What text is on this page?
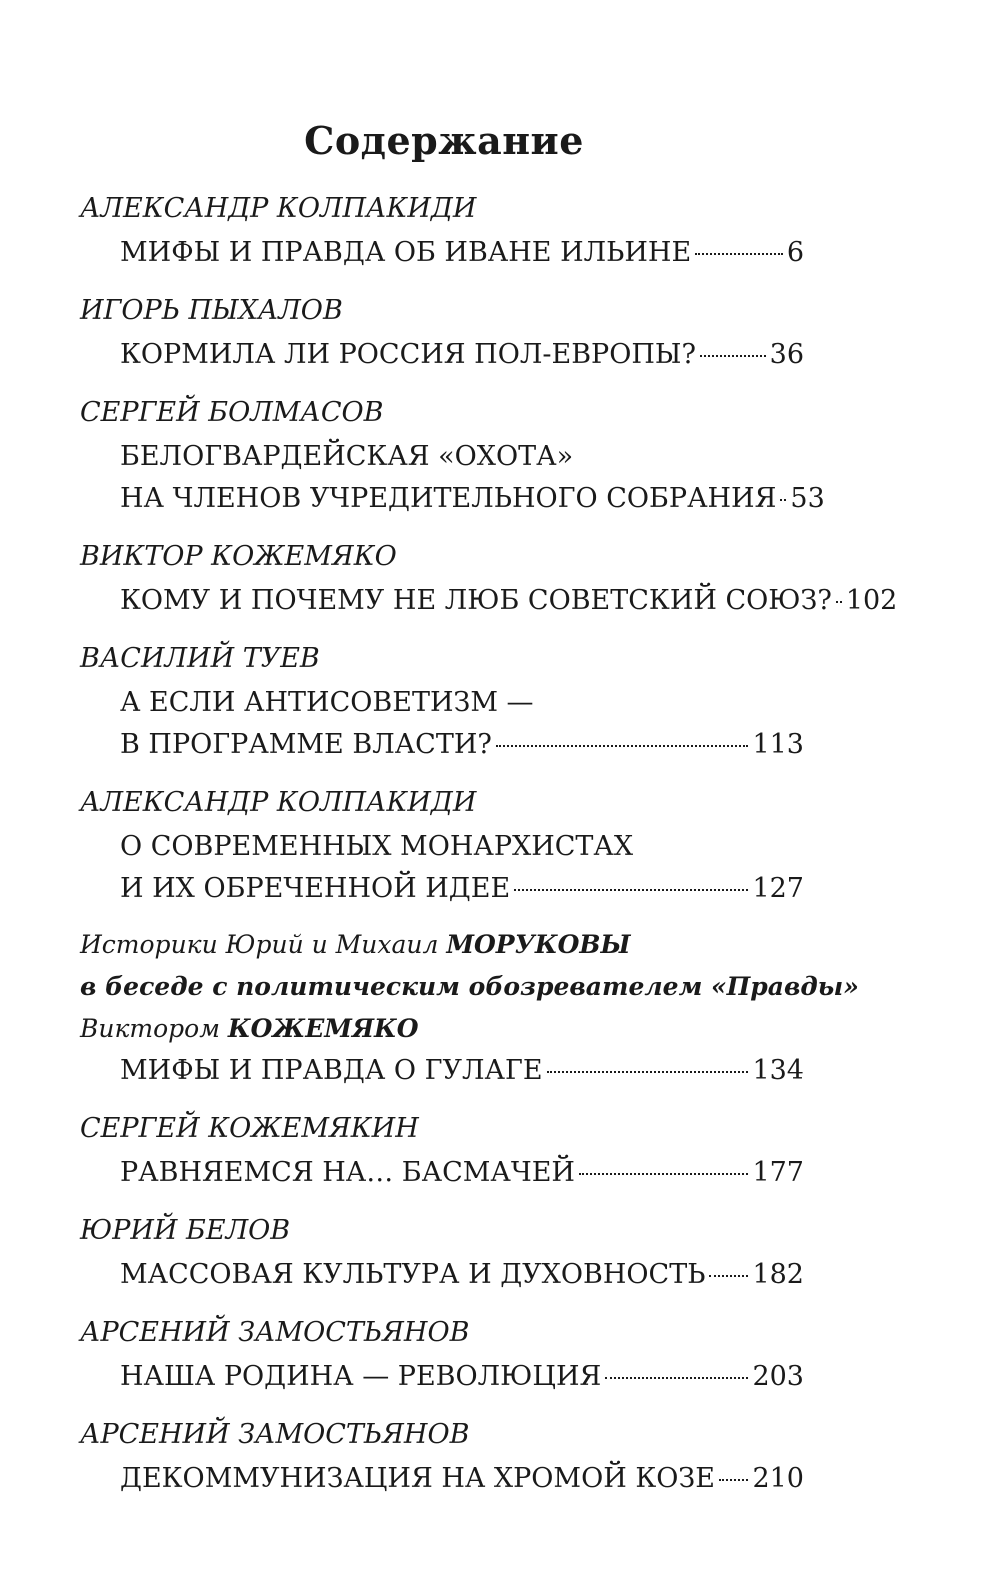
Содержание
АЛЕКСАНДР КОЛПАКИДИ
МИФЫ И ПРАВДА ОБ ИВАНЕ ИЛЬИНЕ	6
ИГОРЬ ПЫХАЛОВ
КОРМИЛА ЛИ РОССИЯ ПОЛ-ЕВРОПЫ?	36
СЕРГЕЙ БОЛМАСОВ
БЕЛОГВАРДЕЙСКАЯ «ОХОТА»
НА ЧЛЕНОВ УЧРЕДИТЕЛЬНОГО СОБРАНИЯ 53
ВИКТОР КОЖЕМЯКО
КОМУ И ПОЧЕМУ НЕ ЛЮБ СОВЕТСКИЙ СОЮЗ? 102
ВАСИЛИЙ ТУЕВ
А ЕСЛИ АНТИСОВЕТИЗМ —
В ПРОГРАММЕ ВЛАСТИ?	113
АЛЕКСАНДР КОЛПАКИДИ
О СОВРЕМЕННЫХ МОНАРХИСТАХ
И ИХ ОБРЕЧЕННОЙ ИДЕЕ	127
Историки Юрий и Михаил МОРУКОВЫ
в беседе с политическим обозревателем «Правды»
Виктором КОЖЕМЯКО
МИФЫ И ПРАВДА О ГУЛАГЕ	134
СЕРГЕЙ КОЖЕМЯКИН
РАВНЯЕМСЯ НА… БАСМАЧЕЙ	177
ЮРИЙ БЕЛОВ
МАССОВАЯ КУЛЬТУРА И ДУХОВНОСТЬ 182
АРСЕНИЙ ЗАМОСТЬЯНОВ
НАША РОДИНА — РЕВОЛЮЦИЯ	203
АРСЕНИЙ ЗАМОСТЬЯНОВ
ДЕКОММУНИЗАЦИЯ НА ХРОМОЙ КОЗЕ 210
